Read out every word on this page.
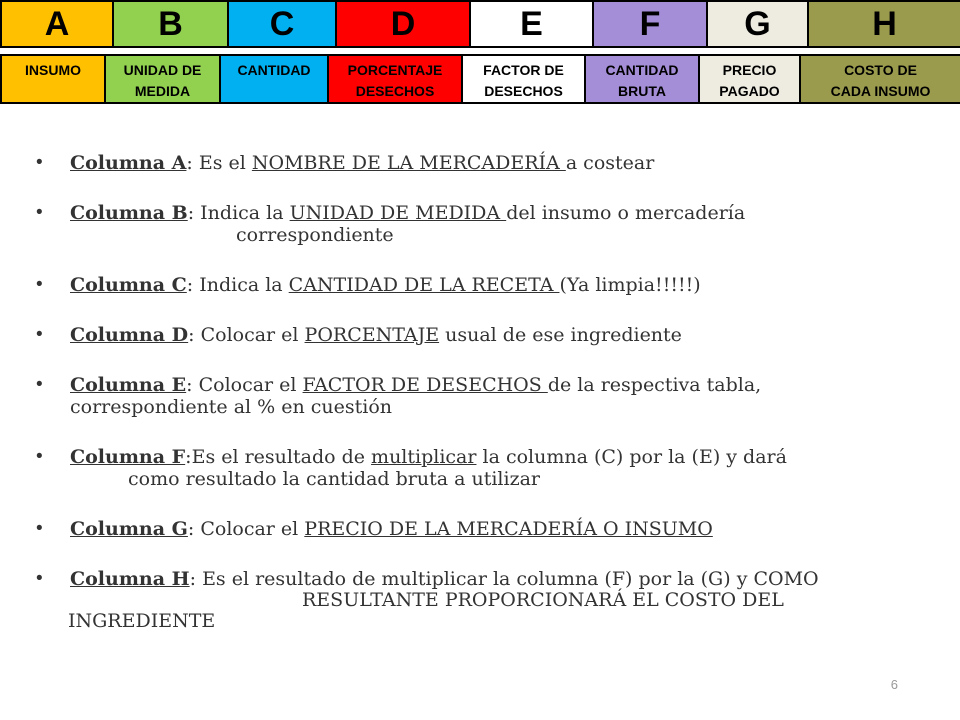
A	B	C	D	E	F	G	H
INSUMO	UNIDAD DE	CANTIDAD	PORCENTAJE	FACTOR DE	CANTIDAD	PRECIO	COSTO DE
	MEDIDA		DESECHOS	DESECHOS	BRUTA	PAGADO	CADA INSUMO
• Columna A: Es el NOMBRE DE LA MERCADERÍA a costear
• Columna B: Indica la UNIDAD DE MEDIDA del insumo o mercadería
correspondiente
• Columna C: Indica la CANTIDAD DE LA RECETA (Ya limpia!!!!!)
• Columna D: Colocar el PORCENTAJE usual de ese ingrediente
• Columna E: Colocar el FACTOR DE DESECHOS de la respectiva tabla,
correspondiente al % en cuestión
• Columna F:Es el resultado de multiplicar la columna (C) por la (E) y dará
como resultado la cantidad bruta a utilizar
• Columna G: Colocar el PRECIO DE LA MERCADERÍA O INSUMO
• Columna H: Es el resultado de multiplicar la columna (F) por la (G) y COMO
RESULTANTE PROPORCIONARÁ EL COSTO DEL
INGREDIENTE
6
